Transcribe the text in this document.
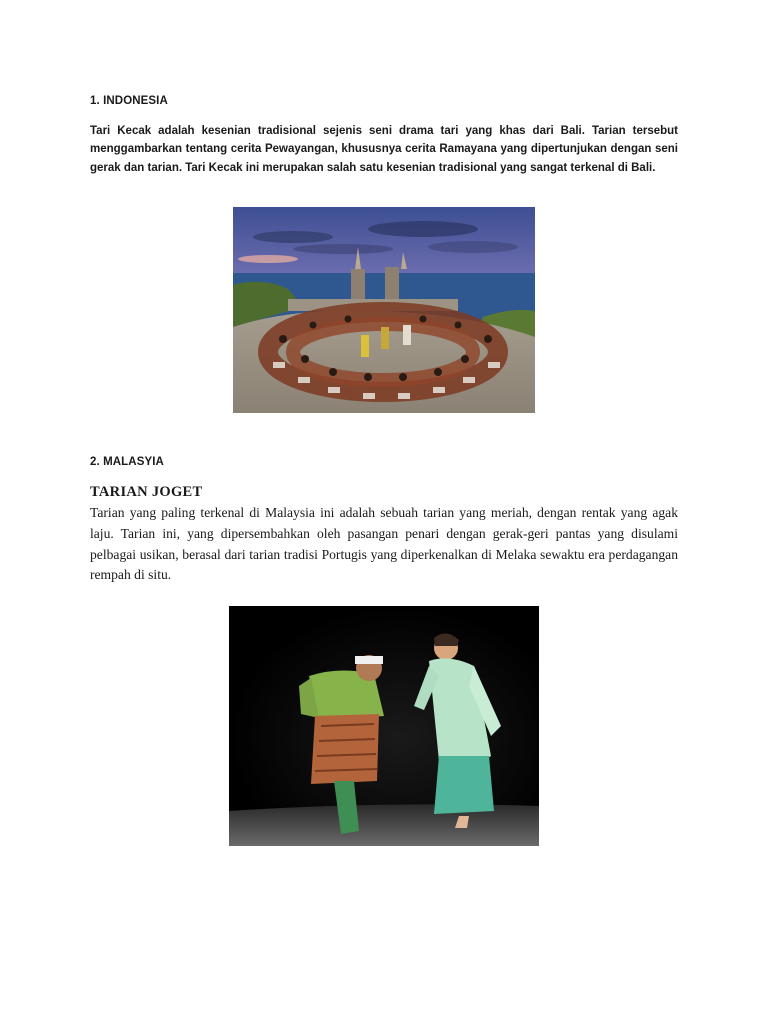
1. INDONESIA
Tari Kecak adalah kesenian tradisional sejenis seni drama tari yang khas dari Bali. Tarian tersebut menggambarkan tentang cerita Pewayangan, khususnya cerita Ramayana yang dipertunjukan dengan seni gerak dan tarian. Tari Kecak ini merupakan salah satu kesenian tradisional yang sangat terkenal di Bali.
2. MALASYIA
TARIAN JOGET
Tarian yang paling terkenal di Malaysia ini adalah sebuah tarian yang meriah, dengan rentak yang agak laju. Tarian ini, yang dipersembahkan oleh pasangan penari dengan gerak-geri pantas yang disulami pelbagai usikan, berasal dari tarian tradisi Portugis yang diperkenalkan di Melaka sewaktu era perdagangan rempah di situ.
